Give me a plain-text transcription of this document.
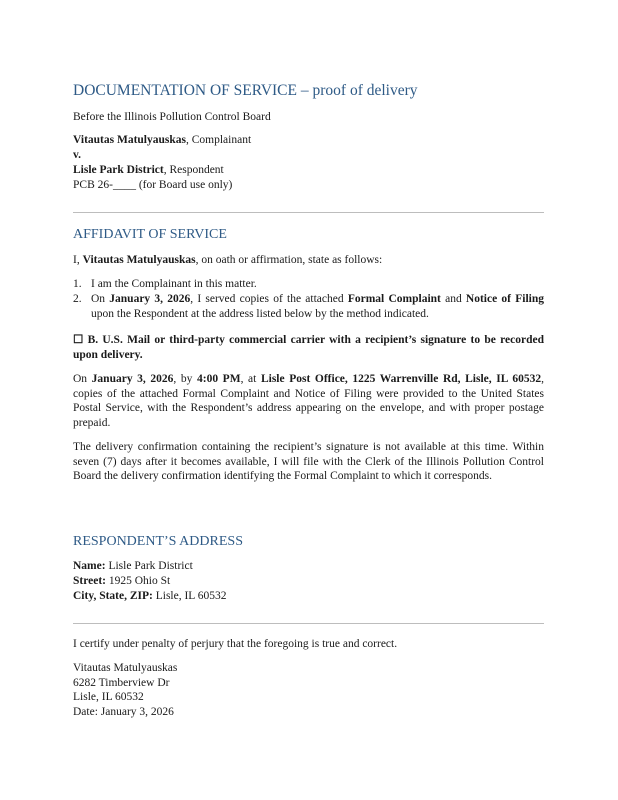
DOCUMENTATION OF SERVICE – proof of delivery
Before the Illinois Pollution Control Board
Vitautas Matulyauskas, Complainant
v.
Lisle Park District, Respondent
PCB 26-____ (for Board use only)
AFFIDAVIT OF SERVICE
I, Vitautas Matulyauskas, on oath or affirmation, state as follows:
1. I am the Complainant in this matter.
2. On January 3, 2026, I served copies of the attached Formal Complaint and Notice of Filing upon the Respondent at the address listed below by the method indicated.
☐ B. U.S. Mail or third-party commercial carrier with a recipient’s signature to be recorded upon delivery.
On January 3, 2026, by 4:00 PM, at Lisle Post Office, 1225 Warrenville Rd, Lisle, IL 60532, copies of the attached Formal Complaint and Notice of Filing were provided to the United States Postal Service, with the Respondent’s address appearing on the envelope, and with proper postage prepaid.
The delivery confirmation containing the recipient’s signature is not available at this time. Within seven (7) days after it becomes available, I will file with the Clerk of the Illinois Pollution Control Board the delivery confirmation identifying the Formal Complaint to which it corresponds.
RESPONDENT’S ADDRESS
Name: Lisle Park District
Street: 1925 Ohio St
City, State, ZIP: Lisle, IL 60532
I certify under penalty of perjury that the foregoing is true and correct.
Vitautas Matulyauskas
6282 Timberview Dr
Lisle, IL 60532
Date: January 3, 2026
